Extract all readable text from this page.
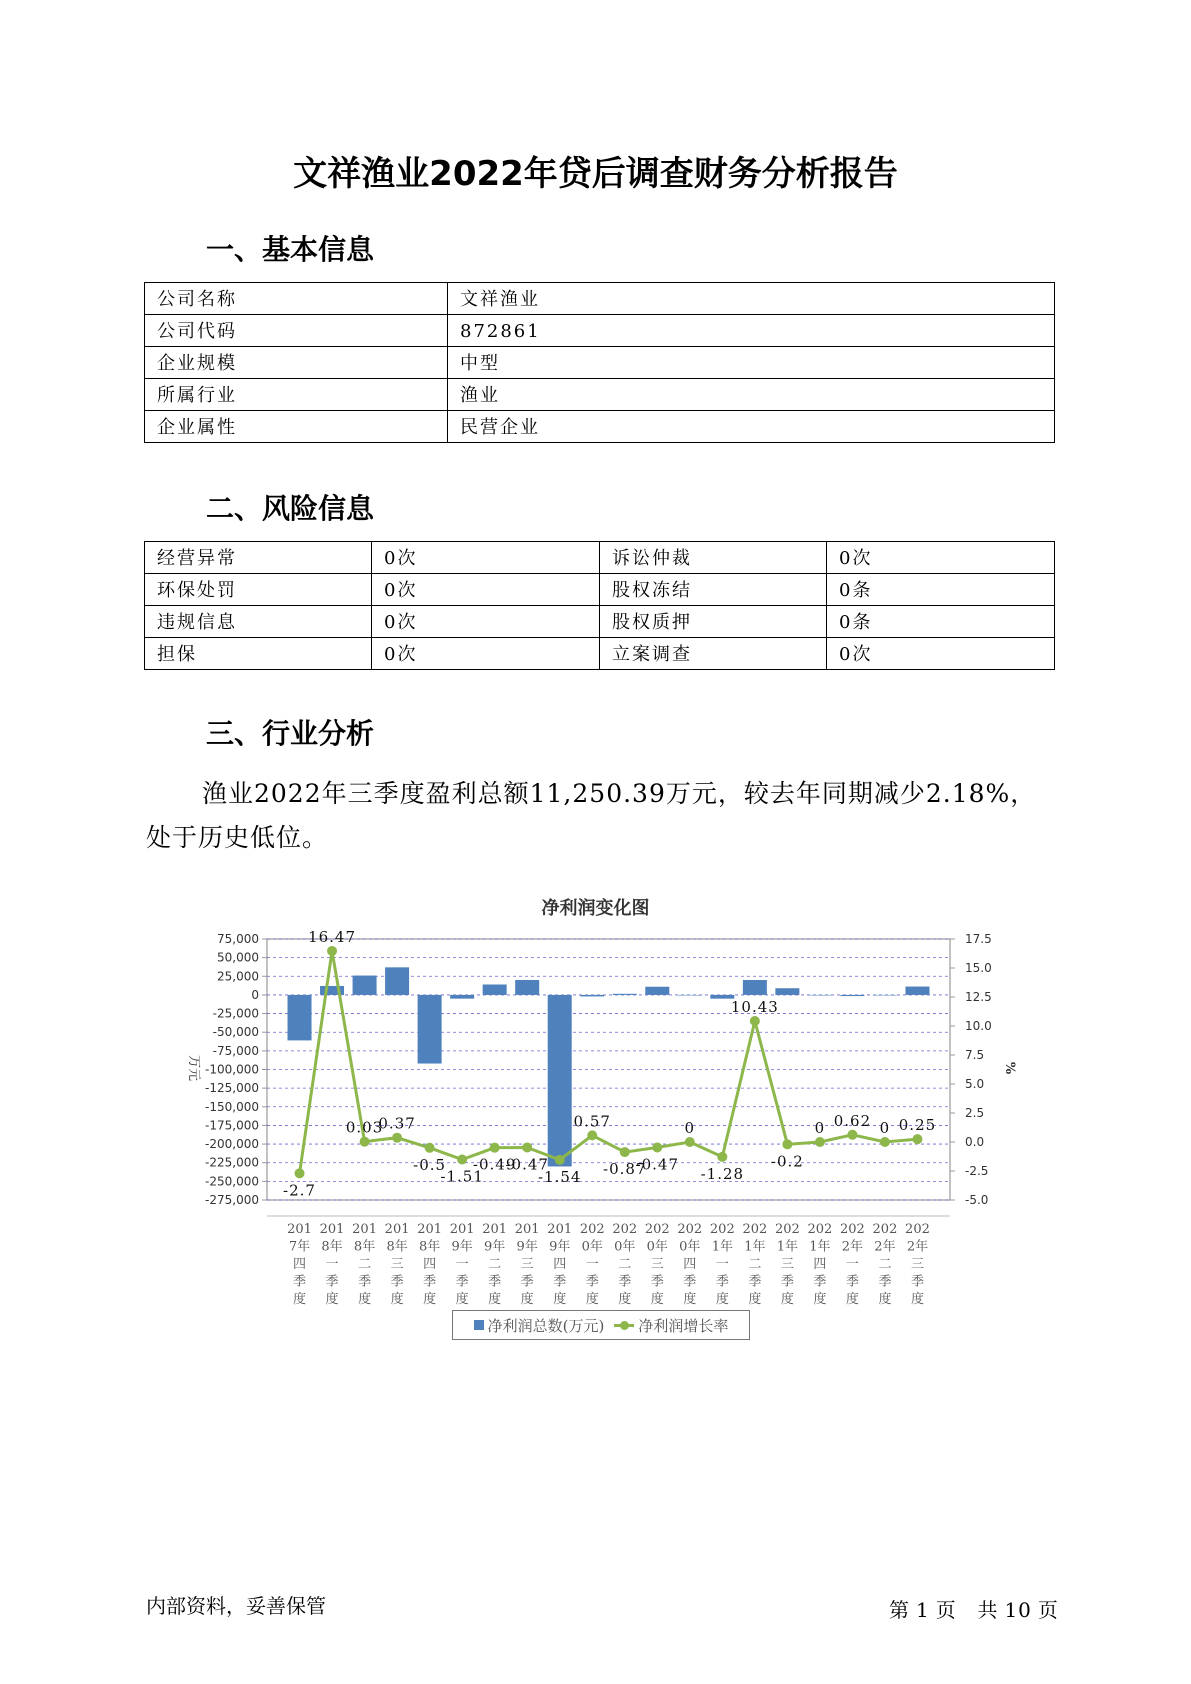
文祥渔业2022年贷后调查财务分析报告
一、基本信息
公司名称	文祥渔业
公司代码	872861
企业规模	中型
所属行业	渔业
企业属性	民营企业
二、风险信息
经营异常	0次	诉讼仲裁	0次
环保处罚	0次	股权冻结	0条
违规信息	0次	股权质押	0条
担保	0次	立案调查	0次
三、行业分析
渔业2022年三季度盈利总额11,250.39万元，较去年同期减少2.18%，处于历史低位。
净利润变化图
75,000
50,000
25,000
0
-25,000
-50,000
-75,000
-100,000
-125,000
-150,000
-175,000
-200,000
-225,000
-250,000
-275,000
17.5
15.0
12.5
10.0
7.5
5.0
2.5
0.0
-2.5
-5.0
万元	%
-2.7
16.47
0.03
0.37
-0.5
-1.51
-0.49
-0.47
-1.54
0.57
-0.87
-0.47
0
-1.28
10.43
-0.2
0 0.62 0 0.25
201
7年
四
季
度
201
8年
一
季
度
201
8年
二
季
度
201
8年
三
季
度
201
8年
四
季
度
201
9年
一
季
度
201
9年
二
季
度
201
9年
三
季
度
201
9年
四
季
度
202
0年
一
季
度
202
0年
二
季
度
202
0年
三
季
度
202
0年
四
季
度
202
1年
一
季
度
202
1年
二
季
度
202
1年
三
季
度
202
1年
四
季
度
202
2年
一
季
度
202
2年
二
季
度
202
2年
三
季
度
净利润总数(万元) 净利润增长率
内部资料，妥善保管	第 1 页 共 10 页
